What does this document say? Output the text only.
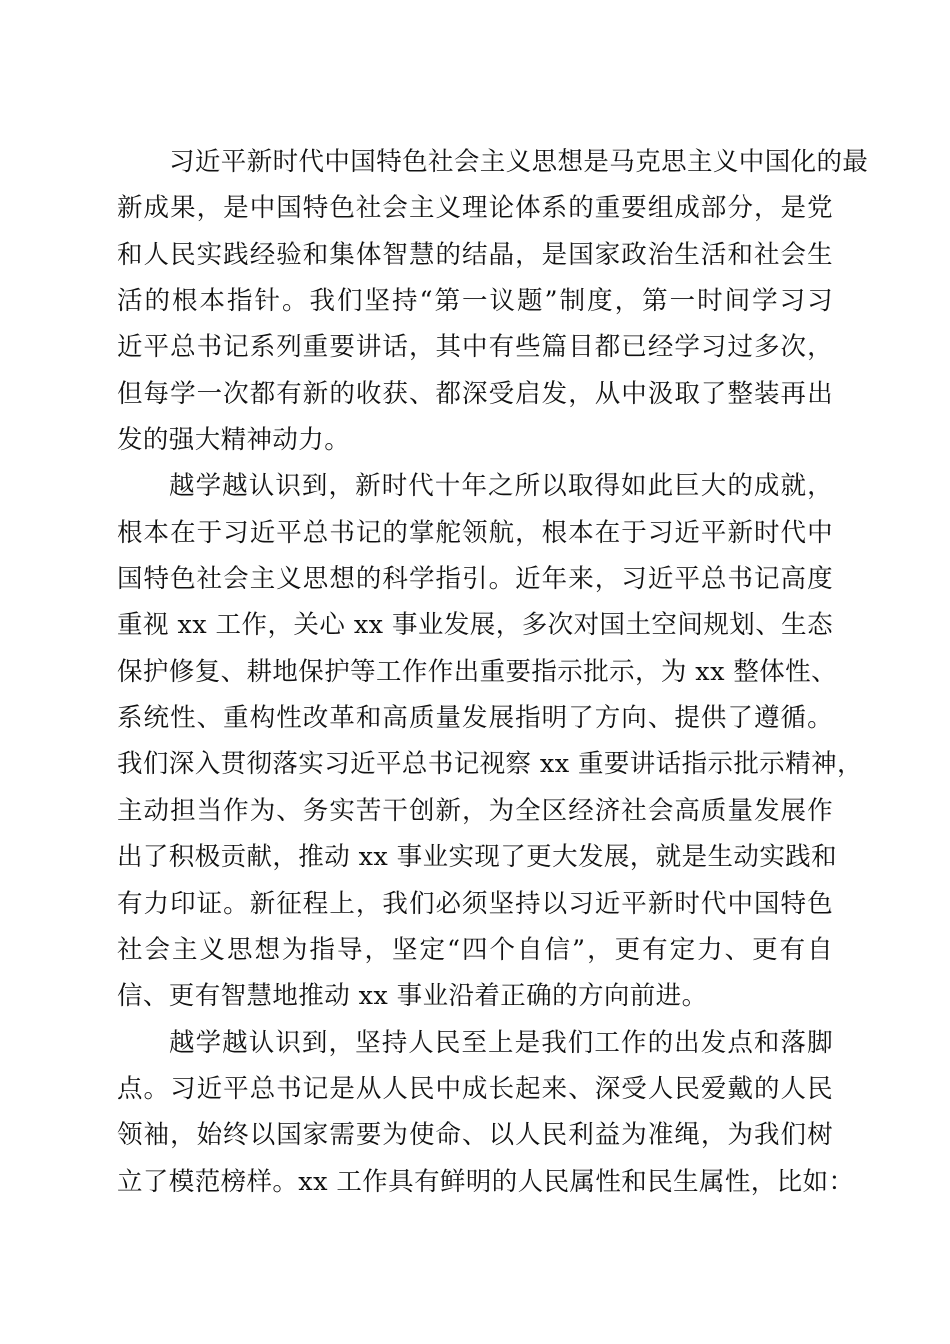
习近平新时代中国特色社会主义思想是马克思主义中国化的最
新成果，是中国特色社会主义理论体系的重要组成部分，是党
和人民实践经验和集体智慧的结晶，是国家政治生活和社会生
活的根本指针。我们坚持“第一议题”制度，第一时间学习习
近平总书记系列重要讲话，其中有些篇目都已经学习过多次，
但每学一次都有新的收获、都深受启发，从中汲取了整装再出
发的强大精神动力。
越学越认识到，新时代十年之所以取得如此巨大的成就，
根本在于习近平总书记的掌舵领航，根本在于习近平新时代中
国特色社会主义思想的科学指引。近年来，习近平总书记高度
重视 xx 工作，关心 xx 事业发展，多次对国土空间规划、生态
保护修复、耕地保护等工作作出重要指示批示，为 xx 整体性、
系统性、重构性改革和高质量发展指明了方向、提供了遵循。
我们深入贯彻落实习近平总书记视察 xx 重要讲话指示批示精神，
主动担当作为、务实苦干创新，为全区经济社会高质量发展作
出了积极贡献，推动 xx 事业实现了更大发展，就是生动实践和
有力印证。新征程上，我们必须坚持以习近平新时代中国特色
社会主义思想为指导，坚定“四个自信”，更有定力、更有自
信、更有智慧地推动 xx 事业沿着正确的方向前进。
越学越认识到，坚持人民至上是我们工作的出发点和落脚
点。习近平总书记是从人民中成长起来、深受人民爱戴的人民
领袖，始终以国家需要为使命、以人民利益为准绳，为我们树
立了模范榜样。xx 工作具有鲜明的人民属性和民生属性，比如：
